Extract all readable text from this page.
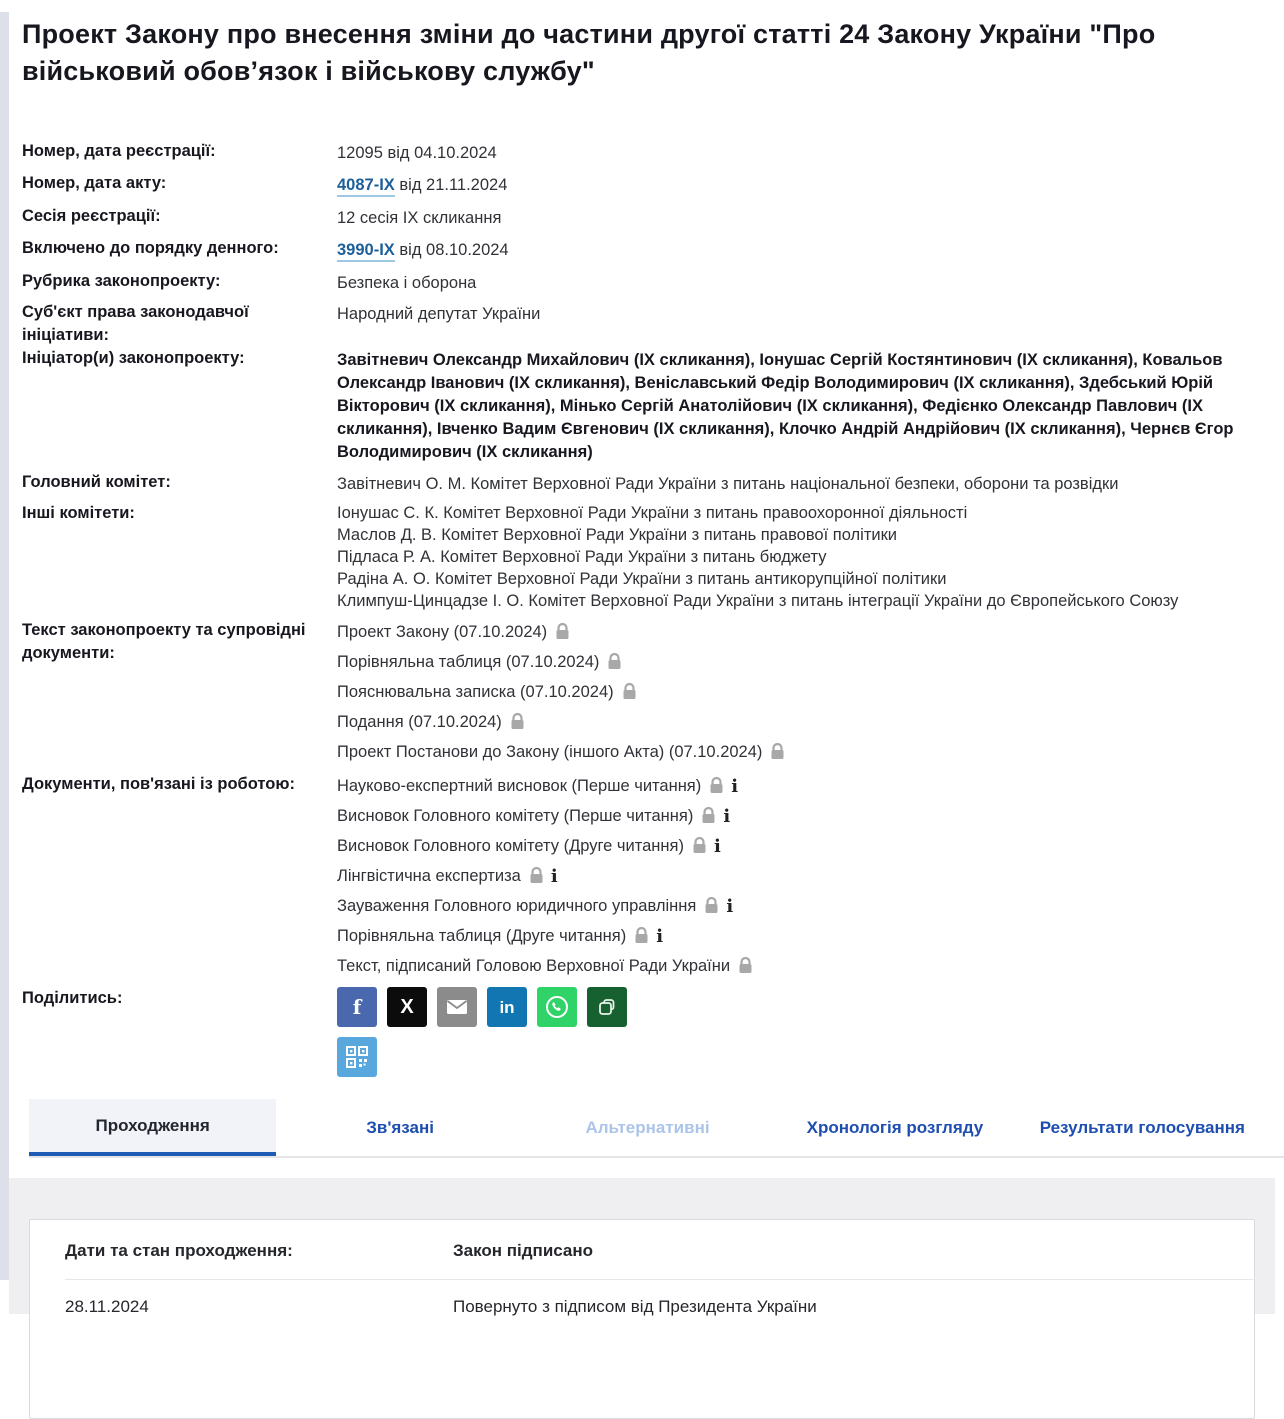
Проект Закону про внесення зміни до частини другої статті 24 Закону України "Про військовий обов’язок і військову службу"
Номер, дата реєстрації:	12095 від 04.10.2024
Номер, дата акту:	4087-IX від 21.11.2024
Сесія реєстрації:	12 сесія IX скликання
Включено до порядку денного:	3990-IX від 08.10.2024
Рубрика законопроекту:	Безпека і оборона
Суб'єкт права законодавчої ініціативи:
Народний депутат України
Ініціатор(и) законопроекту:	Завітневич Олександр Михайлович (ІХ скликання), Іонушас Сергій Костянтинович (ІХ скликання), Ковальов Олександр Іванович (ІХ скликання), Веніславський Федір Володимирович (ІХ скликання), Здебський Юрій Вікторович (ІХ скликання), Мінько Сергій Анатолійович (ІХ скликання), Федієнко Олександр Павлович (ІХ скликання), Івченко Вадим Євгенович (ІХ скликання), Клочко Андрій Андрійович (ІХ скликання), Чернєв Єгор Володимирович (ІХ скликання)
Головний комітет:	Завітневич О. М. Комітет Верховної Ради України з питань національної безпеки, оборони та розвідки
Інші комітети:	Іонушас С. К. Комітет Верховної Ради України з питань правоохоронної діяльності
Маслов Д. В. Комітет Верховної Ради України з питань правової політики
Підласа Р. А. Комітет Верховної Ради України з питань бюджету
Радіна А. О. Комітет Верховної Ради України з питань антикорупційної політики
Климпуш-Цинцадзе І. О. Комітет Верховної Ради України з питань інтеграції України до Європейського Союзу
Текст законопроекту та супровідні документи:
Проект Закону (07.10.2024)
Порівняльна таблиця (07.10.2024)
Пояснювальна записка (07.10.2024)
Подання (07.10.2024)
Проект Постанови до Закону (іншого Акта) (07.10.2024)
Документи, пов'язані із роботою:	Науково-експертний висновок (Перше читання) i
Висновок Головного комітету (Перше читання) i
Висновок Головного комітету (Друге читання) i
Лінгвістична експертиза i
Зауваження Головного юридичного управління i
Порівняльна таблиця (Друге читання) i
Текст, підписаний Головою Верховної Ради України
Поділитись:	f X	in
Проходження	Зв'язані	Альтернативні	Хронологія розгляду	Результати голосування
Дати та стан проходження:	Закон підписано
28.11.2024	Повернуто з підписом від Президента України
